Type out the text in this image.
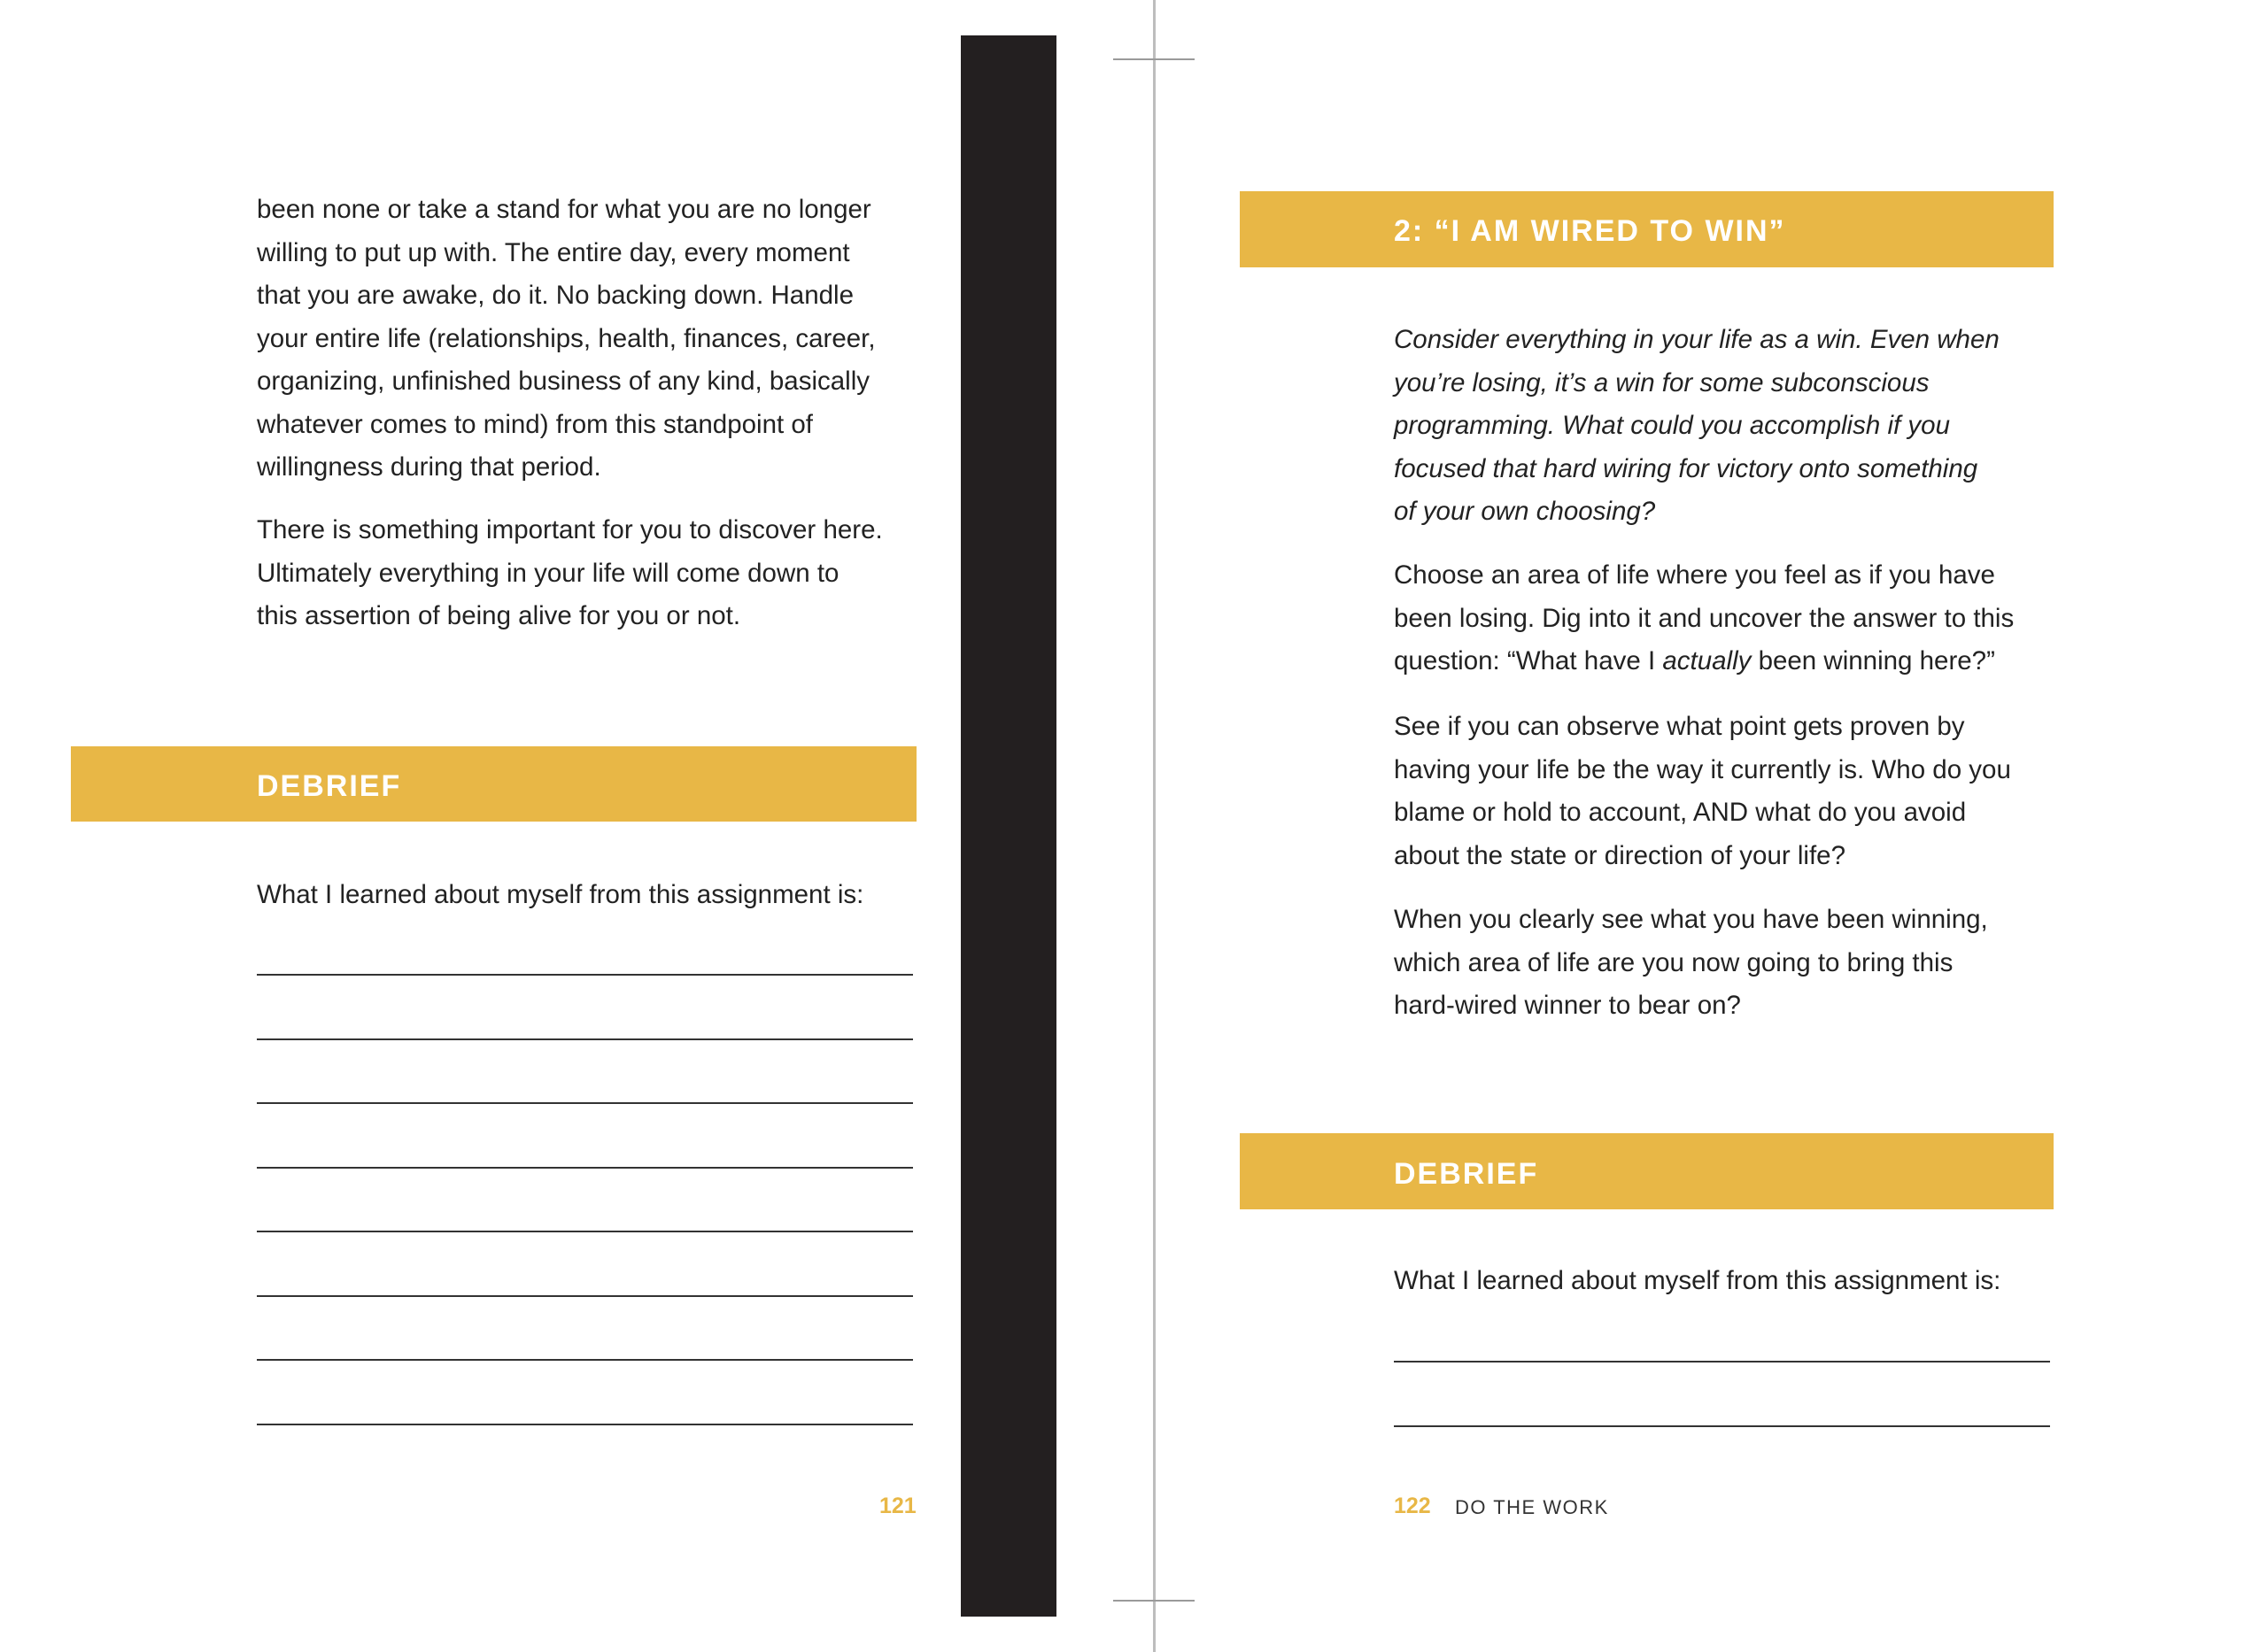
been none or take a stand for what you are no longer
willing to put up with. The entire day, every moment
that you are awake, do it. No backing down. Handle
your entire life (relationships, health, finances, career,
organizing, unfinished business of any kind, basically
whatever comes to mind) from this standpoint of
willingness during that period.

There is something important for you to discover here.
Ultimately everything in your life will come down to
this assertion of being alive for you or not.

DEBRIEF

What I learned about myself from this assignment is:

121
2: “I AM WIRED TO WIN”

Consider everything in your life as a win. Even when
you’re losing, it’s a win for some subconscious
programming. What could you accomplish if you
focused that hard wiring for victory onto something
of your own choosing?

Choose an area of life where you feel as if you have
been losing. Dig into it and uncover the answer to this
question: “What have I actually been winning here?”

See if you can observe what point gets proven by
having your life be the way it currently is. Who do you
blame or hold to account, AND what do you avoid
about the state or direction of your life?

When you clearly see what you have been winning,
which area of life are you now going to bring this
hard-wired winner to bear on?

DEBRIEF

What I learned about myself from this assignment is:

122 DO THE WORK
